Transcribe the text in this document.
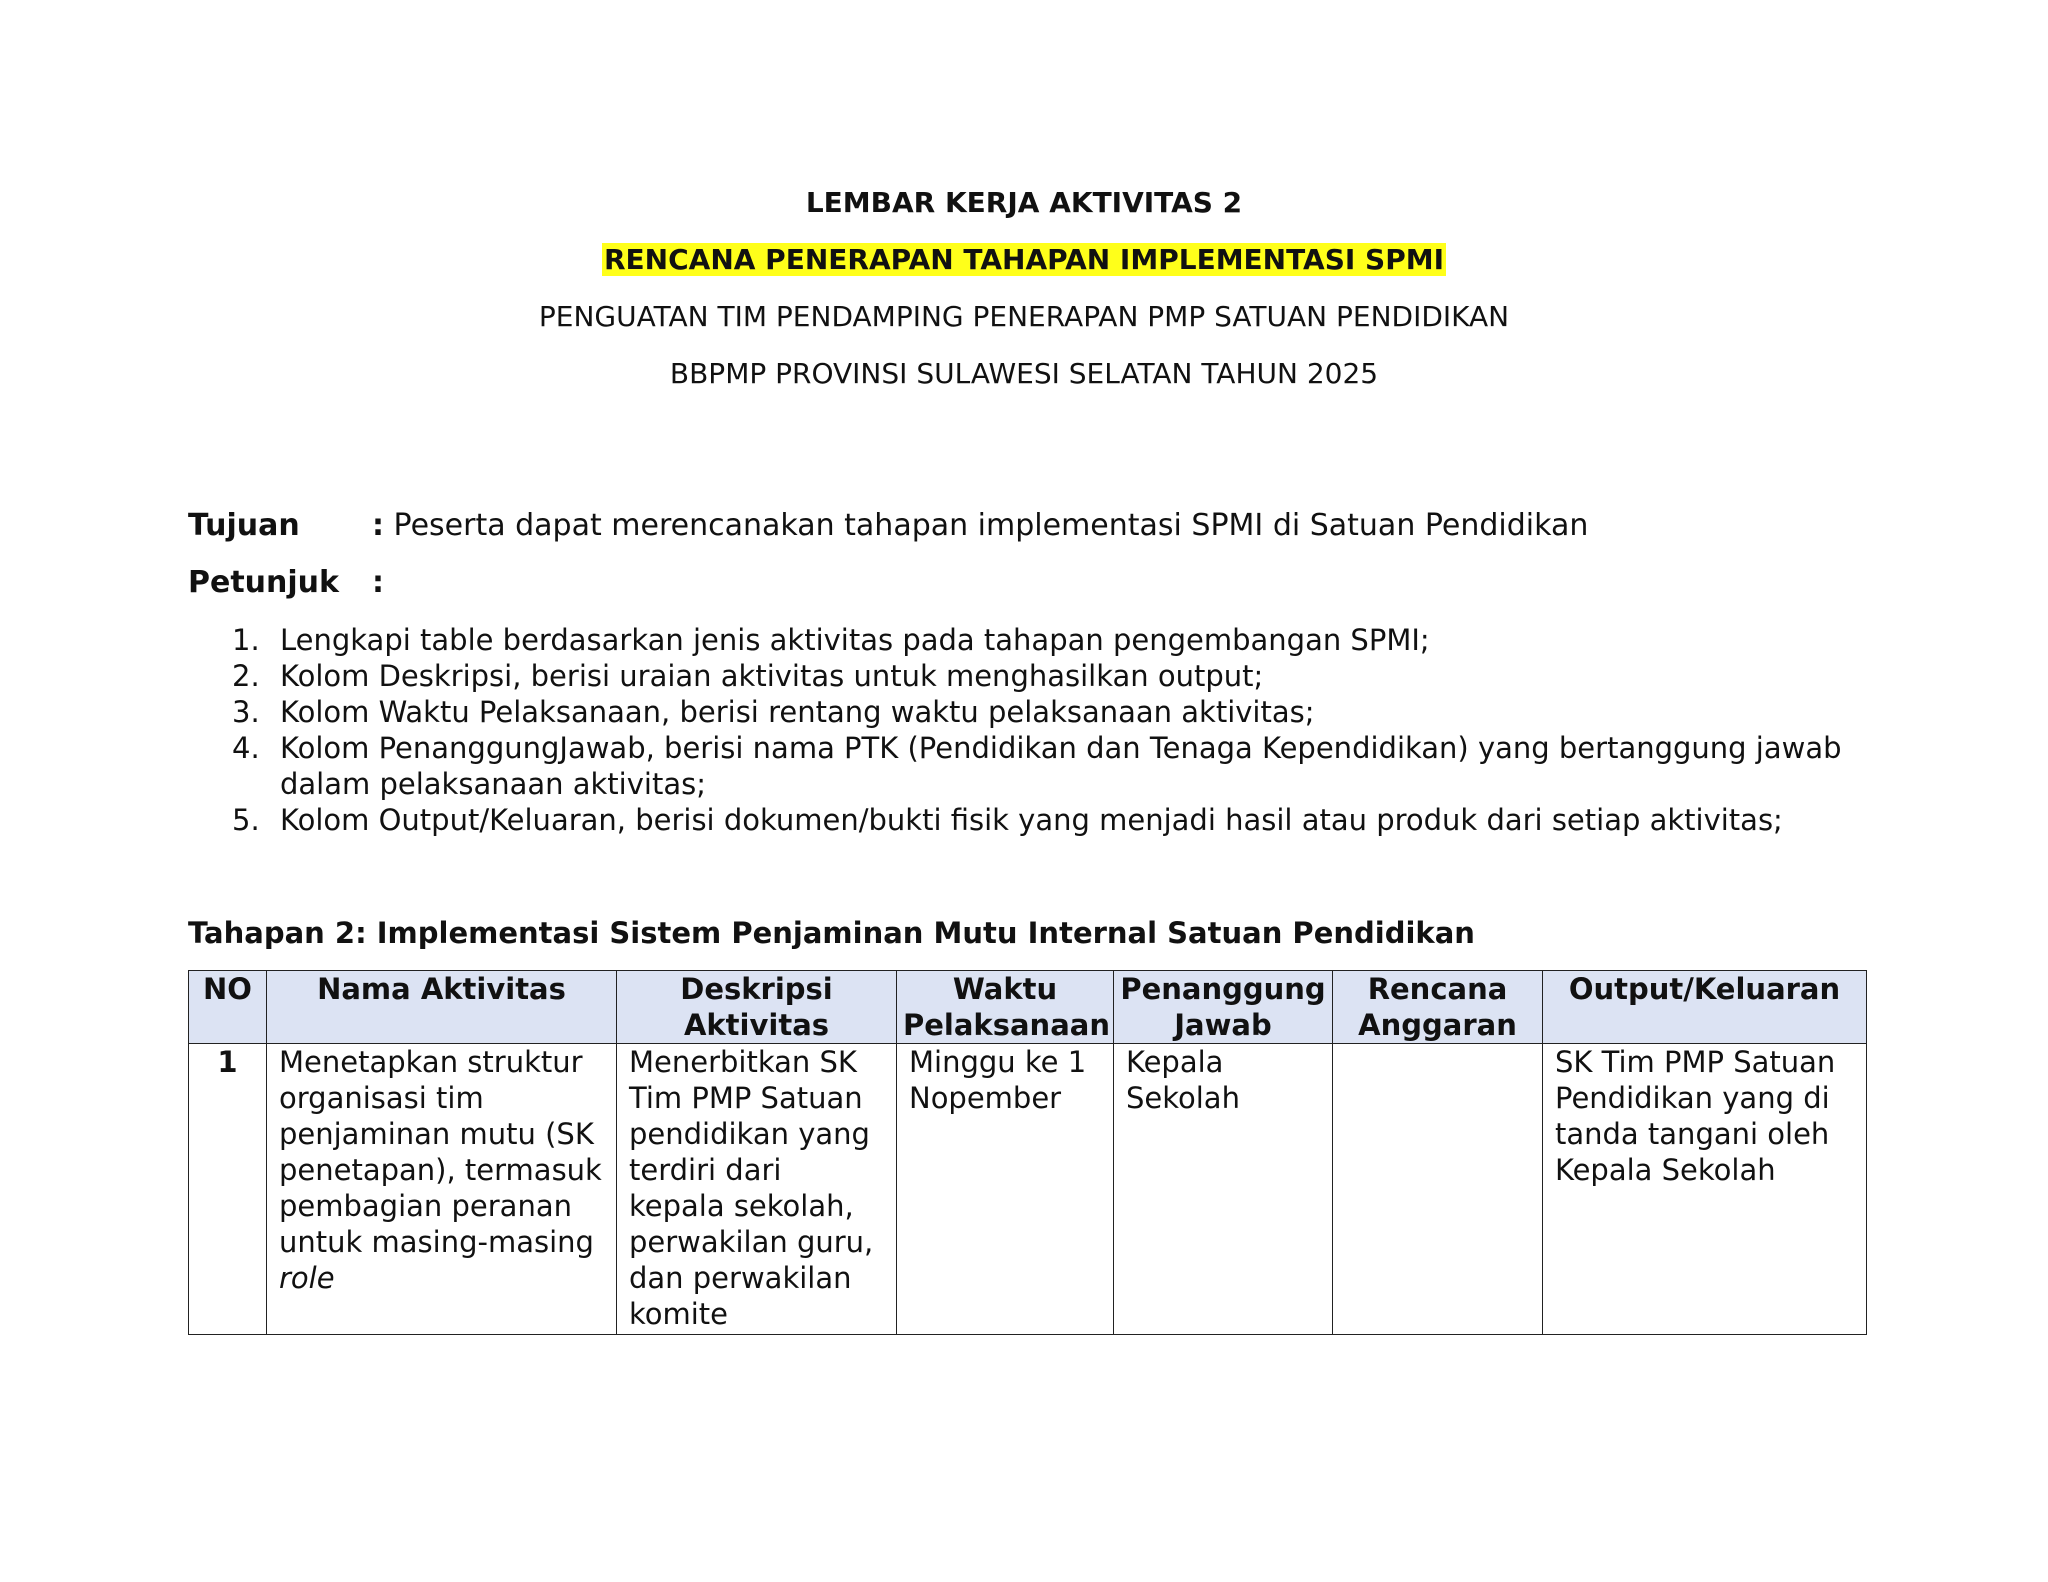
LEMBAR KERJA AKTIVITAS 2
RENCANA PENERAPAN TAHAPAN IMPLEMENTASI SPMI
PENGUATAN TIM PENDAMPING PENERAPAN PMP SATUAN PENDIDIKAN
BBPMP PROVINSI SULAWESI SELATAN TAHUN 2025
Tujuan : Peserta dapat merencanakan tahapan implementasi SPMI di Satuan Pendidikan
Petunjuk :
1. Lengkapi table berdasarkan jenis aktivitas pada tahapan pengembangan SPMI;
2. Kolom Deskripsi, berisi uraian aktivitas untuk menghasilkan output;
3. Kolom Waktu Pelaksanaan, berisi rentang waktu pelaksanaan aktivitas;
4. Kolom PenanggungJawab, berisi nama PTK (Pendidikan dan Tenaga Kependidikan) yang bertanggung jawab dalam pelaksanaan aktivitas;
5. Kolom Output/Keluaran, berisi dokumen/bukti fisik yang menjadi hasil atau produk dari setiap aktivitas;
Tahapan 2: Implementasi Sistem Penjaminan Mutu Internal Satuan Pendidikan
NO	Nama Aktivitas	Deskripsi Aktivitas	Waktu Pelaksanaan	Penanggung Jawab	Rencana Anggaran	Output/Keluaran
1	Menetapkan struktur organisasi tim penjaminan mutu (SK penetapan), termasuk pembagian peranan untuk masing-masing role	Menerbitkan SK Tim PMP Satuan pendidikan yang terdiri dari kepala sekolah, perwakilan guru, dan perwakilan komite	Minggu ke 1 Nopember	Kepala Sekolah		SK Tim PMP Satuan Pendidikan yang di tanda tangani oleh Kepala Sekolah
